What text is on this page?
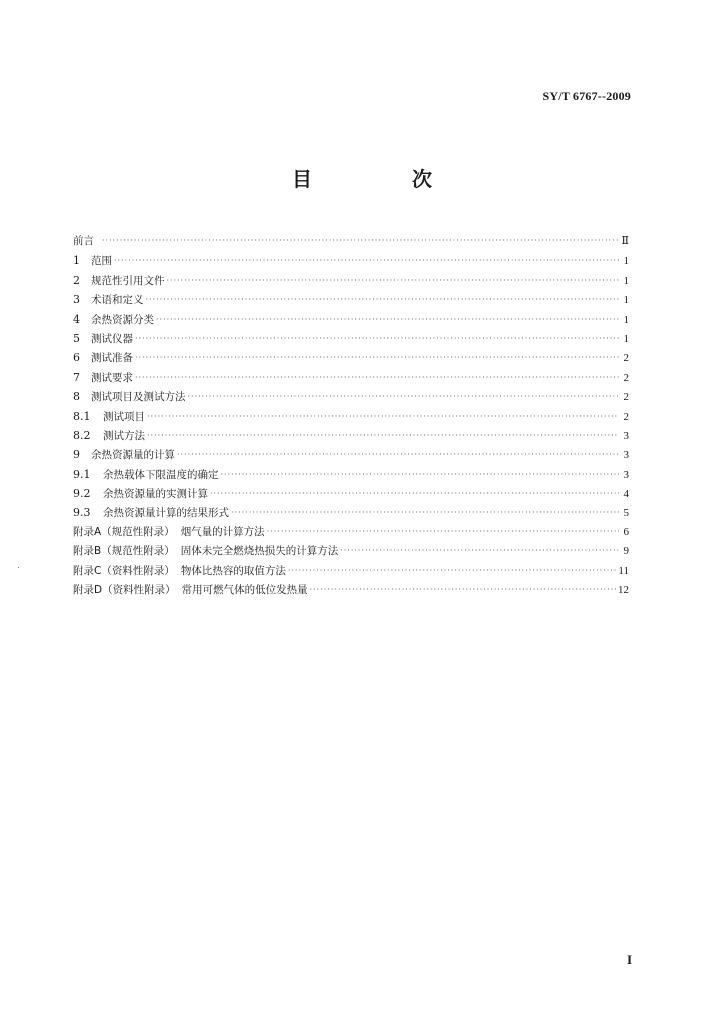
SY/T 6767--2009
目　次
前言 ·····	Ⅱ
1	范围 ·····	1
2	规范性引用文件 ·····	1
3	术语和定义 ·····	1
4	余热资源分类 ·····	1
5	测试仪器 ·····	1
6	测试准备 ·····	2
7	测试要求 ·····	2
8	测试项目及测试方法 ·····	2
8.1	测试项目 ·····	2
8.2	测试方法 ·····	3
9	余热资源量的计算 ·····	3
9.1	余热载体下限温度的确定 ·····	3
9.2	余热资源量的实测计算 ·····	4
9.3	余热资源量计算的结果形式 ·····	5
附录A（规范性附录） 烟气量的计算方法 ·····	6
附录B（规范性附录） 固体未完全燃烧热损失的计算方法 ·····	9
附录C（资料性附录） 物体比热容的取值方法 ·····	11
附录D（资料性附录） 常用可燃气体的低位发热量 ·····	12
I
